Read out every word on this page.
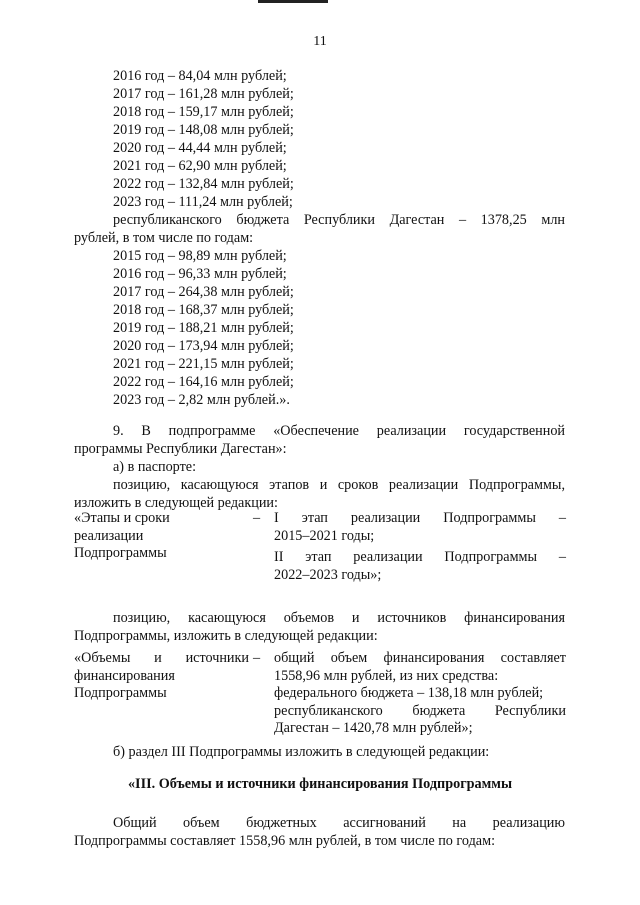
11
2016 год – 84,04 млн рублей;
2017 год – 161,28 млн рублей;
2018 год – 159,17 млн рублей;
2019 год – 148,08 млн рублей;
2020 год – 44,44 млн рублей;
2021 год – 62,90 млн рублей;
2022 год – 132,84 млн рублей;
2023 год – 111,24 млн рублей;
республиканского бюджета Республики Дагестан – 1378,25 млн
рублей, в том числе по годам:
2015 год – 98,89 млн рублей;
2016 год – 96,33 млн рублей;
2017 год – 264,38 млн рублей;
2018 год – 168,37 млн рублей;
2019 год – 188,21 млн рублей;
2020 год – 173,94 млн рублей;
2021 год – 221,15 млн рублей;
2022 год – 164,16 млн рублей;
2023 год – 2,82 млн рублей.».
9. В подпрограмме «Обеспечение реализации государственной
программы Республики Дагестан»:
а) в паспорте:
позицию, касающуюся этапов и сроков реализации Подпрограммы,
изложить в следующей редакции:
«Этапы и сроки
реализации
Подпрограммы
– I этап реализации Подпрограммы –
2015–2021 годы;
II этап реализации Подпрограммы –
2022–2023 годы»;
позицию, касающуюся объемов и источников финансирования
Подпрограммы, изложить в следующей редакции:
«Объемы и источники
финансирования
Подпрограммы
– общий объем финансирования составляет
1558,96 млн рублей, из них средства:
федерального бюджета – 138,18 млн рублей;
республиканского бюджета Республики
Дагестан – 1420,78 млн рублей»;
б) раздел III Подпрограммы изложить в следующей редакции:
«III. Объемы и источники финансирования Подпрограммы
Общий объем бюджетных ассигнований на реализацию
Подпрограммы составляет 1558,96 млн рублей, в том числе по годам:
